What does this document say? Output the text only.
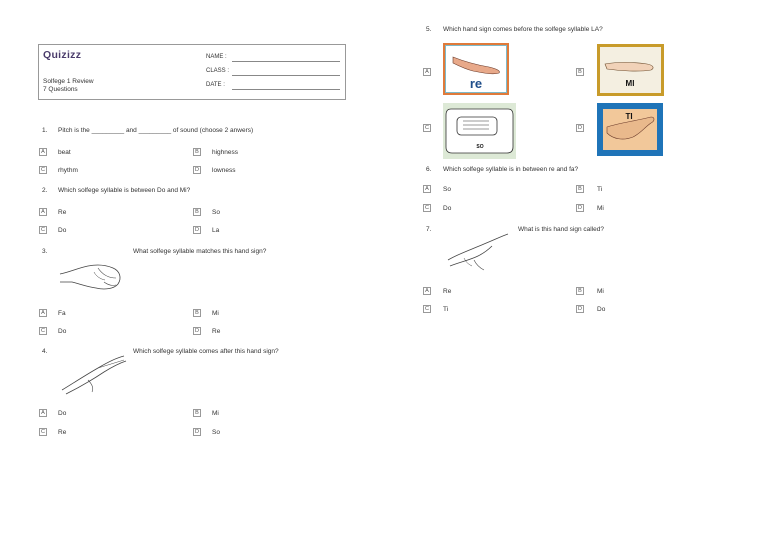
Quizizz
Solfege 1 Review
7 Questions
NAME :
CLASS :
DATE :
1. Pitch is the _________ and _________ of sound (choose 2 anwers)
A	beat	B	highness
C	rhythm	D	lowness
2. Which solfege syllable is between Do and Mi?
A	Re	B	So
C	Do	D	La
3.	What solfege syllable matches this hand sign?
A	Fa	B	Mi
C	Do	D	Re
4.	Which solfege syllable comes after this hand sign?
A	Do	B	Mi
C	Re	D	So
5. Which hand sign comes before the solfege syllable LA?
A
re
B
MI
C
SO
D
TI
6. Which solfege syllable is in between re and fa?
A	So	B	Ti
C	Do	D	Mi
7.	What is this hand sign called?
A	Re	B	Mi
C	Ti	D	Do
